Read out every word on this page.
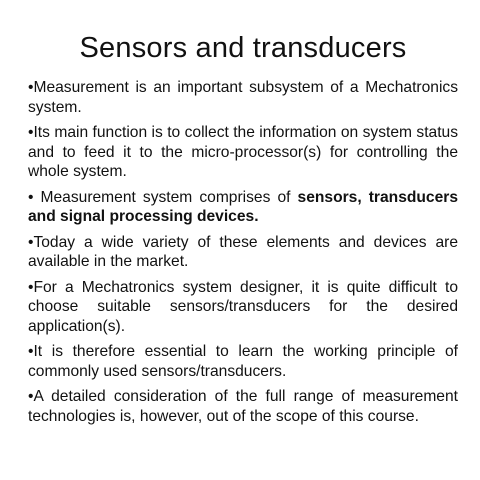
Sensors and transducers
•Measurement is an important subsystem of a Mechatronics system.
•Its main function is to collect the information on system status and to feed it to the micro-processor(s) for controlling the whole system.
• Measurement system comprises of sensors, transducers and signal processing devices.
•Today a wide variety of these elements and devices are available in the market.
•For a Mechatronics system designer, it is quite difficult to choose suitable sensors/transducers for the desired application(s).
•It is therefore essential to learn the working principle of commonly used sensors/transducers.
•A detailed consideration of the full range of measurement technologies is, however, out of the scope of this course.
